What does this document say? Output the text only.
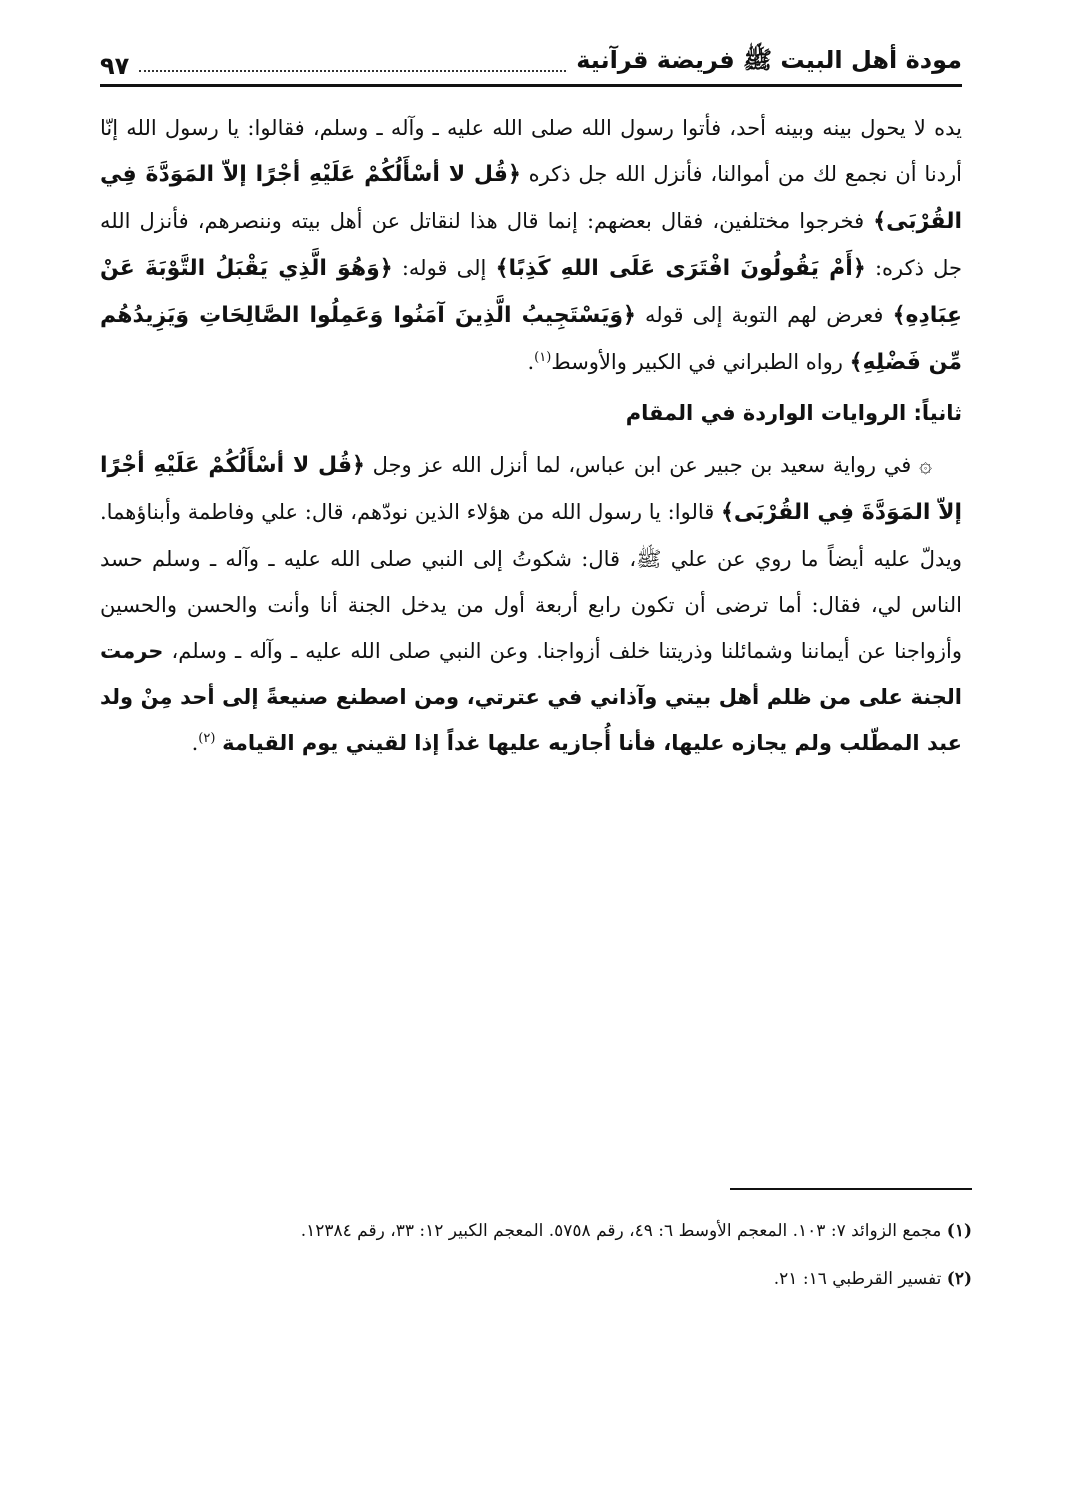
مودة أهل البيت ﷺ فريضة قرآنية
٩٧

يده لا يحول بينه وبينه أحد، فأتوا رسول الله صلى الله عليه ـ وآله ـ وسلم، فقالوا: يا رسول الله إنّا أردنا أن نجمع لك من أموالنا، فأنزل الله جل ذكره ﴿قُل لا أسْأَلُكُمْ عَلَيْهِ أجْرًا إلاّ المَوَدَّةَ فِي القُرْبَى﴾ فخرجوا مختلفين، فقال بعضهم: إنما قال هذا لنقاتل عن أهل بيته وننصرهم، فأنزل الله جل ذكره: ﴿أَمْ يَقُولُونَ افْتَرَى عَلَى اللهِ كَذِبًا﴾ إلى قوله: ﴿وَهُوَ الَّذِي يَقْبَلُ التَّوْبَةَ عَنْ عِبَادِهِ﴾ فعرض لهم التوبة إلى قوله ﴿وَيَسْتَجِيبُ الَّذِينَ آمَنُوا وَعَمِلُوا الصَّالِحَاتِ وَيَزِيدُهُم مِّن فَضْلِهِ﴾ رواه الطبراني في الكبير والأوسط$^{(١)}$.

ثانياً: الروايات الواردة في المقام

۞ في رواية سعيد بن جبير عن ابن عباس، لما أنزل الله عز وجل ﴿قُل لا أسْأَلُكُمْ عَلَيْهِ أجْرًا إلاّ المَوَدَّةَ فِي القُرْبَى﴾ قالوا: يا رسول الله من هؤلاء الذين نودّهم، قال: علي وفاطمة وأبناؤهما. ويدلّ عليه أيضاً ما روي عن علي ﷺ، قال: شكوتُ إلى النبي صلى الله عليه ـ وآله ـ وسلم حسد الناس لي، فقال: أما ترضى أن تكون رابع أربعة أول من يدخل الجنة أنا وأنت والحسن والحسين وأزواجنا عن أيماننا وشمائلنا وذريتنا خلف أزواجنا. وعن النبي صلى الله عليه ـ وآله ـ وسلم، حرمت الجنة على من ظلم أهل بيتي وآذاني في عترتي، ومن اصطنع صنيعةً إلى أحد مِنْ ولد عبد المطّلب ولم يجازه عليها، فأنا أُجازيه عليها غداً إذا لقيني يوم القيامة $^{(٢)}$.

(١) مجمع الزوائد ٧: ١٠٣. المعجم الأوسط ٦: ٤٩، رقم ٥٧٥٨. المعجم الكبير ١٢: ٣٣، رقم ١٢٣٨٤.

(٢) تفسير القرطبي ١٦: ٢١.
